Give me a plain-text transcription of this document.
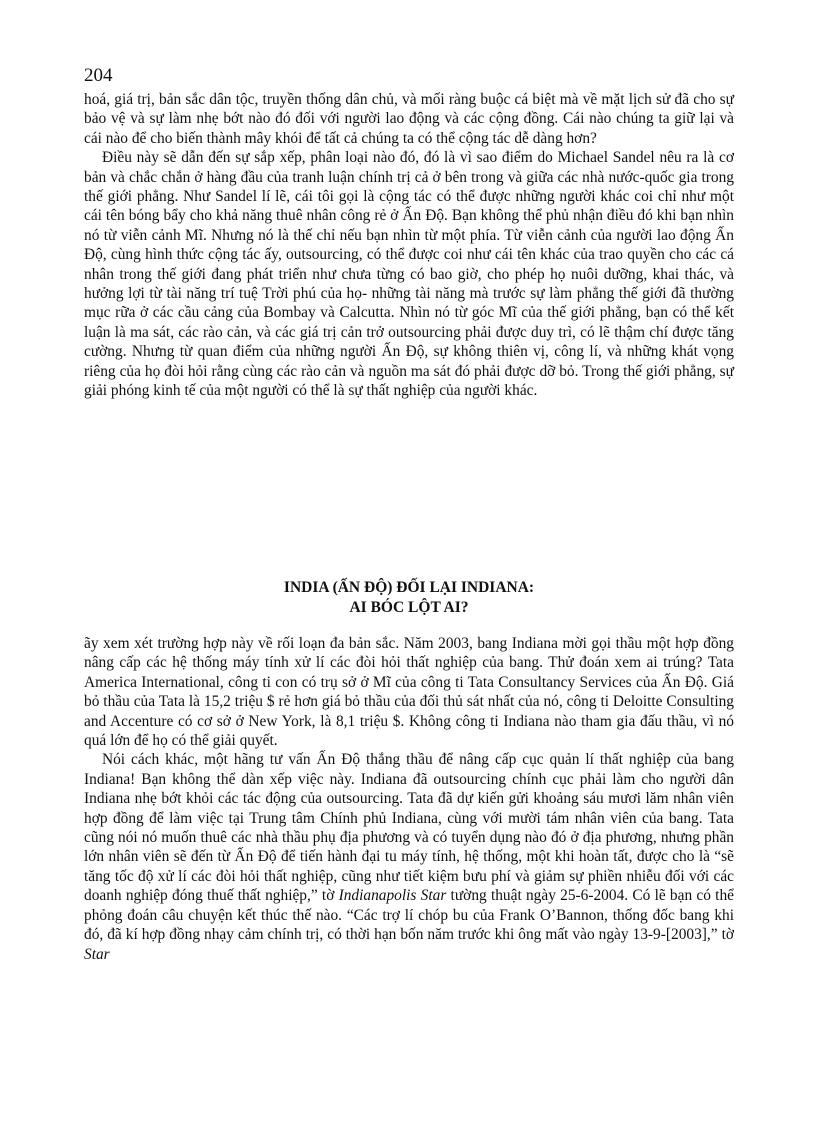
204

hoá, giá trị, bản sắc dân tộc, truyền thống dân chủ, và mối ràng buộc cá biệt mà về mặt lịch sử đã cho sự bảo vệ và sự làm nhẹ bớt nào đó đối với người lao động và các cộng đồng. Cái nào chúng ta giữ lại và cái nào để cho biến thành mây khói để tất cả chúng ta có thể cộng tác dễ dàng hơn?

Điều này sẽ dẫn đến sự sắp xếp, phân loại nào đó, đó là vì sao điểm do Michael Sandel nêu ra là cơ bản và chắc chắn ở hàng đầu của tranh luận chính trị cả ở bên trong và giữa các nhà nước-quốc gia trong thế giới phẳng. Như Sandel lí lẽ, cái tôi gọi là cộng tác có thể được những người khác coi chỉ như một cái tên bóng bẩy cho khả năng thuê nhân công rẻ ở Ấn Độ. Bạn không thể phủ nhận điều đó khi bạn nhìn nó từ viễn cảnh Mĩ. Nhưng nó là thế chỉ nếu bạn nhìn từ một phía. Từ viễn cảnh của người lao động Ấn Độ, cùng hình thức cộng tác ấy, outsourcing, có thể được coi như cái tên khác của trao quyền cho các cá nhân trong thế giới đang phát triển như chưa từng có bao giờ, cho phép họ nuôi dưỡng, khai thác, và hưởng lợi từ tài năng trí tuệ Trời phú của họ- những tài năng mà trước sự làm phẳng thế giới đã thường mục rữa ở các cầu cảng của Bombay và Calcutta. Nhìn nó từ góc Mĩ của thế giới phẳng, bạn có thể kết luận là ma sát, các rào cản, và các giá trị cản trở outsourcing phải được duy trì, có lẽ thậm chí được tăng cường. Nhưng từ quan điểm của những người Ấn Độ, sự không thiên vị, công lí, và những khát vọng riêng của họ đòi hỏi rằng cùng các rào cản và nguồn ma sát đó phải được dỡ bỏ. Trong thế giới phẳng, sự giải phóng kinh tế của một người có thể là sự thất nghiệp của người khác.

INDIA (ẤN ĐỘ) ĐỐI LẠI INDIANA:
AI BÓC LỘT AI?

ãy xem xét trường hợp này về rối loạn đa bản sắc. Năm 2003, bang Indiana mời gọi thầu một hợp đồng nâng cấp các hệ thống máy tính xử lí các đòi hỏi thất nghiệp của bang. Thử đoán xem ai trúng? Tata America International, công ti con có trụ sở ở Mĩ của công ti Tata Consultancy Services của Ấn Độ. Giá bỏ thầu của Tata là 15,2 triệu $ rẻ hơn giá bỏ thầu của đối thủ sát nhất của nó, công ti Deloitte Consulting and Accenture có cơ sở ở New York, là 8,1 triệu $. Không công ti Indiana nào tham gia đấu thầu, vì nó quá lớn để họ có thể giải quyết.

Nói cách khác, một hãng tư vấn Ấn Độ thắng thầu để nâng cấp cục quản lí thất nghiệp của bang Indiana! Bạn không thể dàn xếp việc này. Indiana đã outsourcing chính cục phải làm cho người dân Indiana nhẹ bớt khỏi các tác động của outsourcing. Tata đã dự kiến gửi khoảng sáu mươi lăm nhân viên hợp đồng để làm việc tại Trung tâm Chính phủ Indiana, cùng với mười tám nhân viên của bang. Tata cũng nói nó muốn thuê các nhà thầu phụ địa phương và có tuyển dụng nào đó ở địa phương, nhưng phần lớn nhân viên sẽ đến từ Ấn Độ để tiến hành đại tu máy tính, hệ thống, một khi hoàn tất, được cho là “sẽ tăng tốc độ xử lí các đòi hỏi thất nghiệp, cũng như tiết kiệm bưu phí và giảm sự phiền nhiễu đối với các doanh nghiệp đóng thuế thất nghiệp,” tờ Indianapolis Star tường thuật ngày 25-6-2004. Có lẽ bạn có thể phỏng đoán câu chuyện kết thúc thế nào. “Các trợ lí chóp bu của Frank O’Bannon, thống đốc bang khi đó, đã kí hợp đồng nhạy cảm chính trị, có thời hạn bốn năm trước khi ông mất vào ngày 13-9-[2003],” tờ Star
